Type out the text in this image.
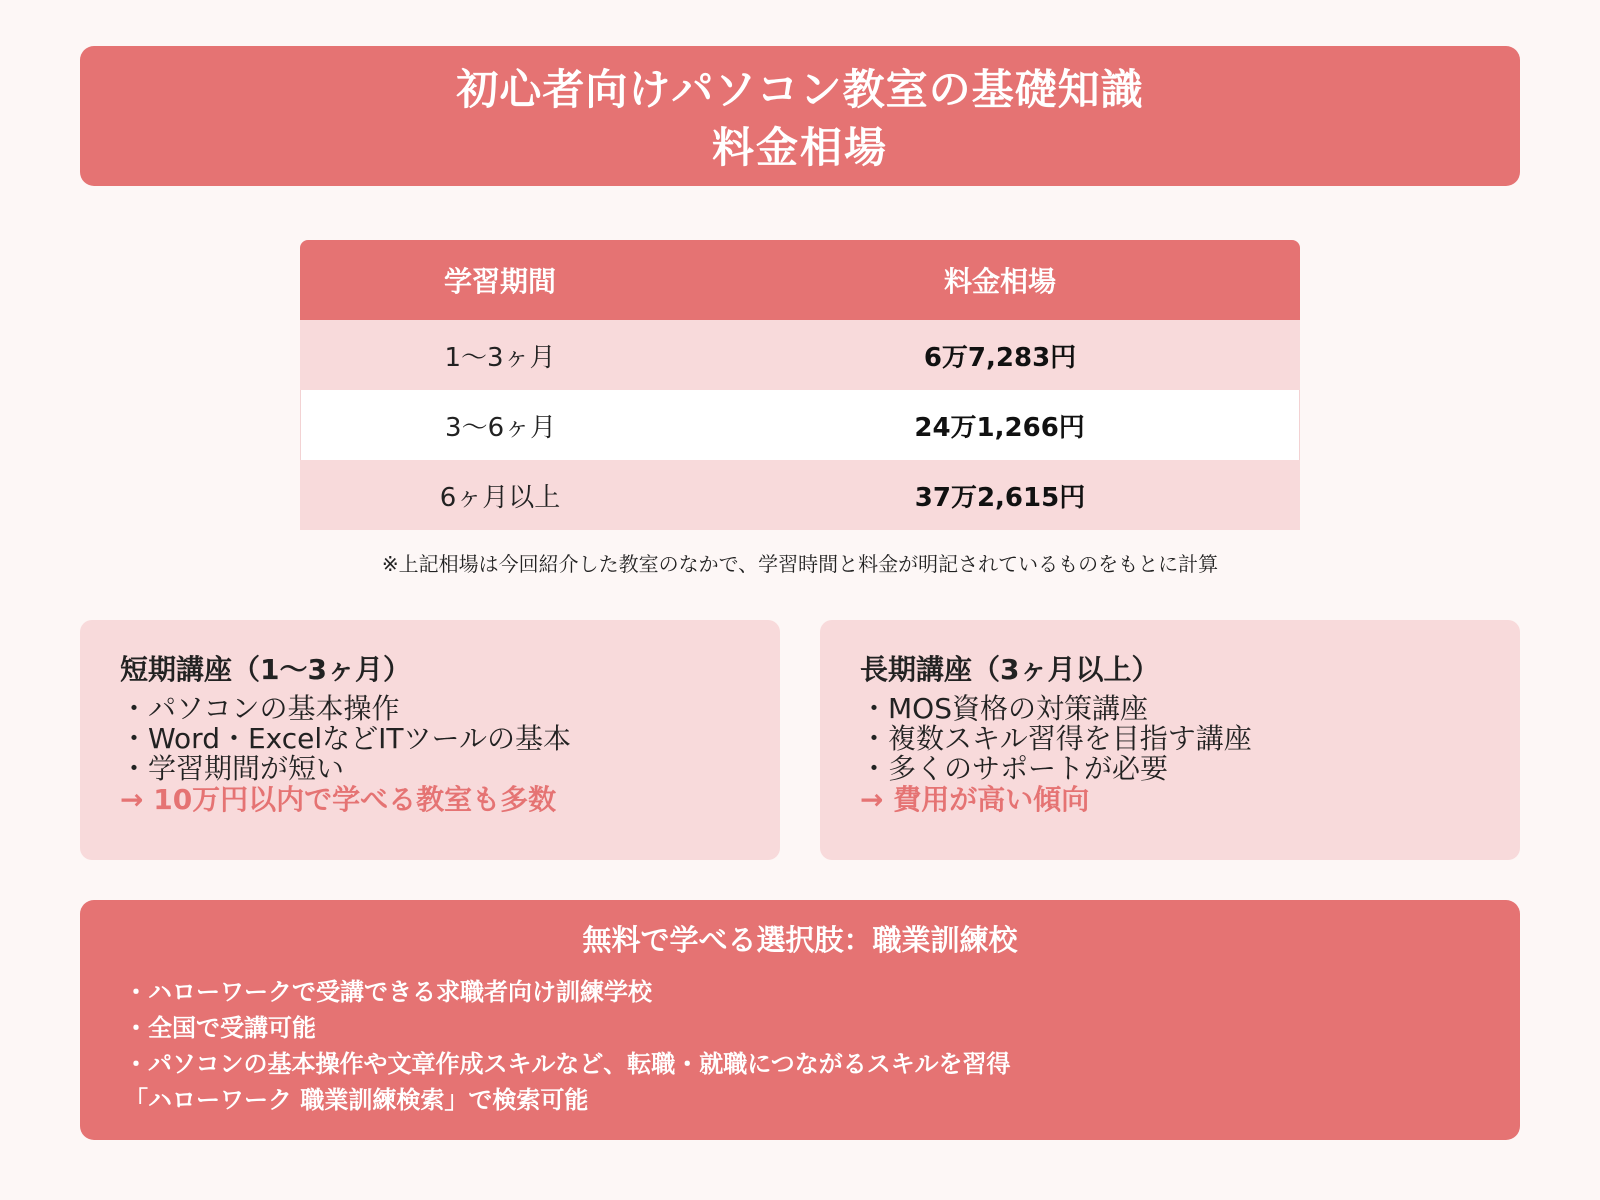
初心者向けパソコン教室の基礎知識
料金相場
学習期間	料金相場
1〜3ヶ月	6万7,283円
3〜6ヶ月	24万1,266円
6ヶ月以上	37万2,615円
※上記相場は今回紹介した教室のなかで、学習時間と料金が明記されているものをもとに計算
短期講座（1〜3ヶ月）
・パソコンの基本操作
・Word・ExcelなどITツールの基本
・学習期間が短い
→ 10万円以内で学べる教室も多数
長期講座（3ヶ月以上）
・MOS資格の対策講座
・複数スキル習得を目指す講座
・多くのサポートが必要
→ 費用が高い傾向
無料で学べる選択肢：職業訓練校
・ハローワークで受講できる求職者向け訓練学校
・全国で受講可能
・パソコンの基本操作や文章作成スキルなど、転職・就職につながるスキルを習得
「ハローワーク 職業訓練検索」で検索可能
